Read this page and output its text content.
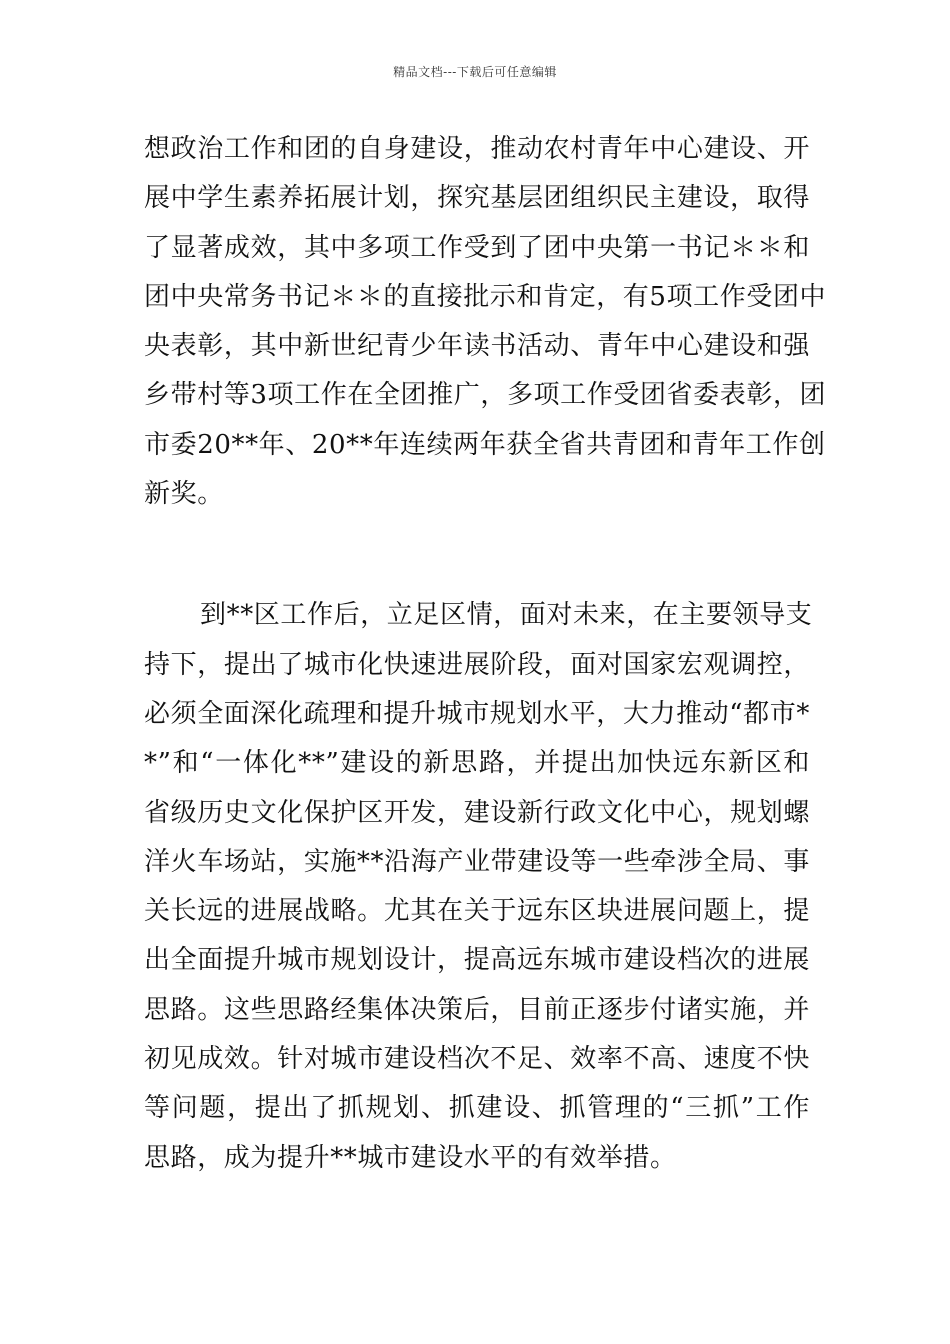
精品文档---下载后可任意编辑
想政治工作和团的自身建设，推动农村青年中心建设、开
展中学生素养拓展计划，探究基层团组织民主建设，取得
了显著成效，其中多项工作受到了团中央第一书记＊＊和
团中央常务书记＊＊的直接批示和肯定，有5项工作受团中
央表彰，其中新世纪青少年读书活动、青年中心建设和强
乡带村等3项工作在全团推广，多项工作受团省委表彰，团
市委20**年、20**年连续两年获全省共青团和青年工作创
新奖。
到**区工作后，立足区情，面对未来，在主要领导支
持下，提出了城市化快速进展阶段，面对国家宏观调控，
必须全面深化疏理和提升城市规划水平，大力推动“都市*
*”和“一体化**”建设的新思路，并提出加快远东新区和
省级历史文化保护区开发，建设新行政文化中心，规划螺
洋火车场站，实施**沿海产业带建设等一些牵涉全局、事
关长远的进展战略。尤其在关于远东区块进展问题上，提
出全面提升城市规划设计，提高远东城市建设档次的进展
思路。这些思路经集体决策后，目前正逐步付诸实施，并
初见成效。针对城市建设档次不足、效率不高、速度不快
等问题，提出了抓规划、抓建设、抓管理的“三抓”工作
思路，成为提升**城市建设水平的有效举措。
